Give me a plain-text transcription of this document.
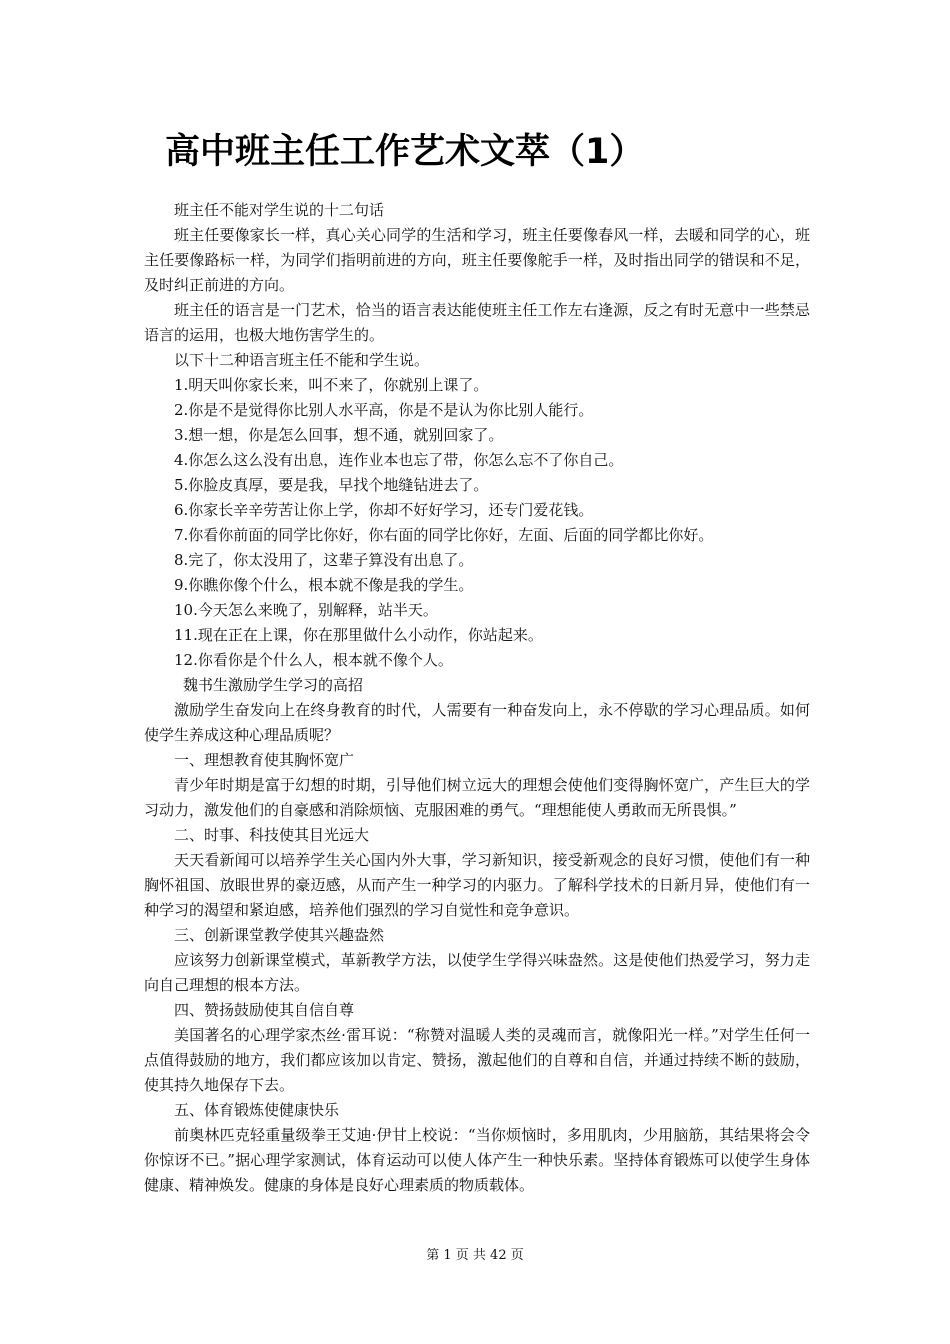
高中班主任工作艺术文萃（1）

班主任不能对学生说的十二句话

班主任要像家长一样，真心关心同学的生活和学习，班主任要像春风一样，去暖和同学的心，班主任要像路标一样，为同学们指明前进的方向，班主任要像舵手一样，及时指出同学的错误和不足，及时纠正前进的方向。

班主任的语言是一门艺术，恰当的语言表达能使班主任工作左右逢源，反之有时无意中一些禁忌语言的运用，也极大地伤害学生的。

以下十二种语言班主任不能和学生说。

1.明天叫你家长来，叫不来了，你就别上课了。

2.你是不是觉得你比别人水平高，你是不是认为你比别人能行。

3.想一想，你是怎么回事，想不通，就别回家了。

4.你怎么这么没有出息，连作业本也忘了带，你怎么忘不了你自己。

5.你脸皮真厚，要是我，早找个地缝钻进去了。

6.你家长辛辛劳苦让你上学，你却不好好学习，还专门爱花钱。

7.你看你前面的同学比你好，你右面的同学比你好，左面、后面的同学都比你好。

8.完了，你太没用了，这辈子算没有出息了。

9.你瞧你像个什么，根本就不像是我的学生。

10.今天怎么来晚了，别解释，站半天。

11.现在正在上课，你在那里做什么小动作，你站起来。

12.你看你是个什么人，根本就不像个人。

魏书生激励学生学习的高招

激励学生奋发向上在终身教育的时代，人需要有一种奋发向上，永不停歇的学习心理品质。如何使学生养成这种心理品质呢？

一、理想教育使其胸怀宽广

青少年时期是富于幻想的时期，引导他们树立远大的理想会使他们变得胸怀宽广，产生巨大的学习动力，激发他们的自豪感和消除烦恼、克服困难的勇气。“理想能使人勇敢而无所畏惧。”

二、时事、科技使其目光远大

天天看新闻可以培养学生关心国内外大事，学习新知识，接受新观念的良好习惯，使他们有一种胸怀祖国、放眼世界的豪迈感，从而产生一种学习的内驱力。了解科学技术的日新月异，使他们有一种学习的渴望和紧迫感，培养他们强烈的学习自觉性和竞争意识。

三、创新课堂教学使其兴趣盎然

应该努力创新课堂模式，革新教学方法，以使学生学得兴味盎然。这是使他们热爱学习，努力走向自己理想的根本方法。

四、赞扬鼓励使其自信自尊

美国著名的心理学家杰丝·雷耳说：“称赞对温暖人类的灵魂而言，就像阳光一样。”对学生任何一点值得鼓励的地方，我们都应该加以肯定、赞扬，激起他们的自尊和自信，并通过持续不断的鼓励，使其持久地保存下去。

五、体育锻炼使健康快乐

前奥林匹克轻重量级拳王艾迪·伊甘上校说：“当你烦恼时，多用肌肉，少用脑筋，其结果将会令你惊讶不已。”据心理学家测试，体育运动可以使人体产生一种快乐素。坚持体育锻炼可以使学生身体健康、精神焕发。健康的身体是良好心理素质的物质载体。

第 1 页 共 42 页
